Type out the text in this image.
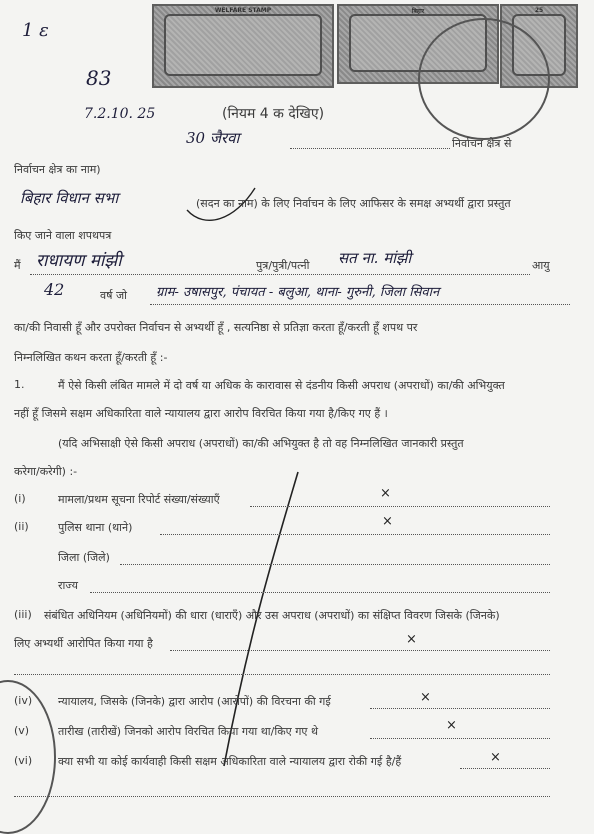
WELFARE STAMP	बिहार	25
1 ε
83
7.2.10. 25	(नियम 4 क देखिए)
30 जैरवा	निर्वाचन क्षेत्र से
निर्वाचन क्षेत्र का नाम)
बिहार विधान सभा	(सदन का नाम) के लिए निर्वाचन के लिए आफिसर के समक्ष अभ्यर्थी द्वारा प्रस्तुत
किए जाने वाला शपथपत्र
मैं राधायण मांझी	पुत्र/पुत्री/पत्नी सत ना. मांझी	आयु
42	वर्ष जो ग्राम- उषासपुर, पंचायत - बलुआ, थाना- गुरुनी, जिला सिवान
का/की निवासी हूँ और उपरोक्त निर्वाचन से अभ्यर्थी हूँ , सत्यनिष्ठा से प्रतिज्ञा करता हूँ/करती हूँ शपथ पर
निम्नलिखित कथन करता हूँ/करती हूँ :-
1.	मैं ऐसे किसी लंबित मामले में दो वर्ष या अधिक के कारावास से दंडनीय किसी अपराध (अपराधों) का/की अभियुक्त
नहीं हूँ जिसमे सक्षम अधिकारिता वाले न्यायालय द्वारा आरोप विरचित किया गया है/किए गए हैं ।
(यदि अभिसाक्षी ऐसे किसी अपराध (अपराधों) का/की अभियुक्त है तो वह निम्नलिखित जानकारी प्रस्तुत
करेगा/करेगी) :-
(i)	मामला/प्रथम सूचना रिपोर्ट संख्या/संख्याएँ	×
(ii)	पुलिस थाना (थाने)	×
जिला (जिले)
राज्य
(iii) संबंधित अधिनियम (अधिनियमों) की धारा (धाराएँ) और उस अपराध (अपराधों) का संक्षिप्त विवरण जिसके (जिनके)
लिए अभ्यर्थी आरोपित किया गया है	×
(iv) न्यायालय, जिसके (जिनके) द्वारा आरोप (आरोपों) की विरचना की गई	×
(v)	तारीख (तारीखें) जिनको आरोप विरचित किया गया था/किए गए थे	×
(vi) क्या सभी या कोई कार्यवाही किसी सक्षम अधिकारिता वाले न्यायालय द्वारा रोकी गई है/हैं	×
